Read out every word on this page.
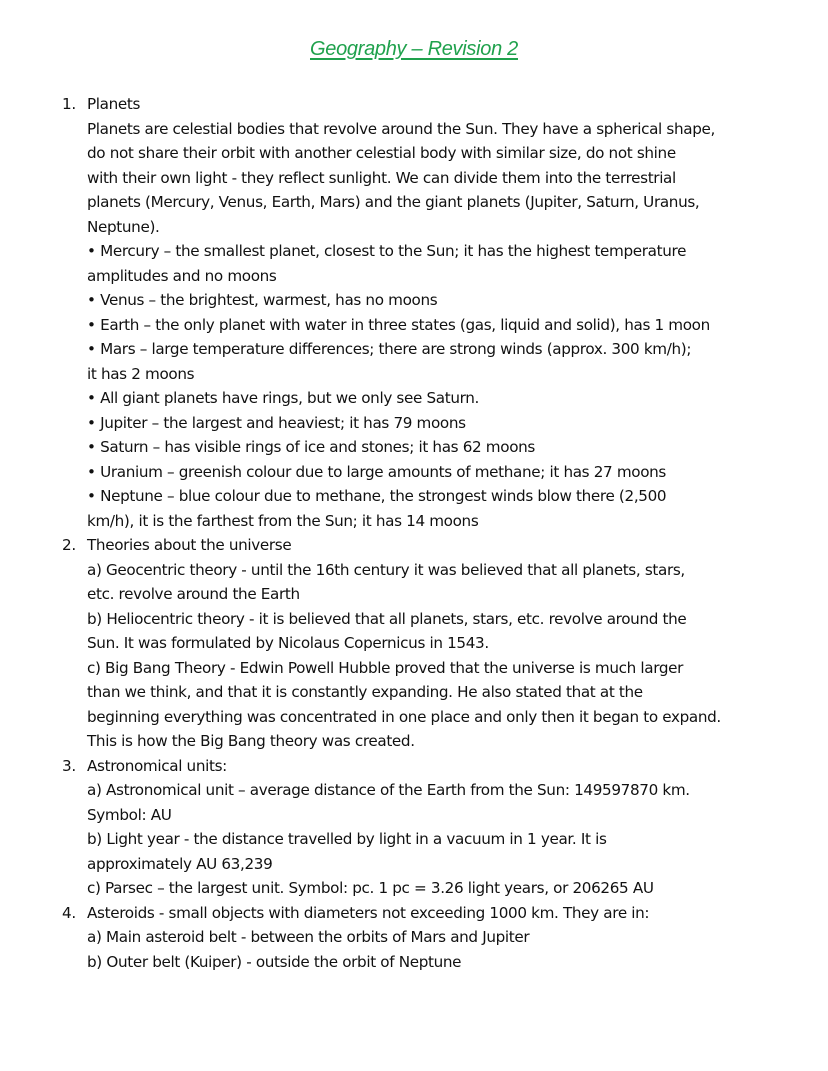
Geography – Revision 2
1. Planets
Planets are celestial bodies that revolve around the Sun. They have a spherical shape,
do not share their orbit with another celestial body with similar size, do not shine
with their own light - they reflect sunlight. We can divide them into the terrestrial
planets (Mercury, Venus, Earth, Mars) and the giant planets (Jupiter, Saturn, Uranus,
Neptune).
• Mercury – the smallest planet, closest to the Sun; it has the highest temperature
amplitudes and no moons
• Venus – the brightest, warmest, has no moons
• Earth – the only planet with water in three states (gas, liquid and solid), has 1 moon
• Mars – large temperature differences; there are strong winds (approx. 300 km/h);
it has 2 moons
• All giant planets have rings, but we only see Saturn.
• Jupiter – the largest and heaviest; it has 79 moons
• Saturn – has visible rings of ice and stones; it has 62 moons
• Uranium – greenish colour due to large amounts of methane; it has 27 moons
• Neptune – blue colour due to methane, the strongest winds blow there (2,500
km/h), it is the farthest from the Sun; it has 14 moons
2. Theories about the universe
a) Geocentric theory - until the 16th century it was believed that all planets, stars,
etc. revolve around the Earth
b) Heliocentric theory - it is believed that all planets, stars, etc. revolve around the
Sun. It was formulated by Nicolaus Copernicus in 1543.
c) Big Bang Theory - Edwin Powell Hubble proved that the universe is much larger
than we think, and that it is constantly expanding. He also stated that at the
beginning everything was concentrated in one place and only then it began to expand.
This is how the Big Bang theory was created.
3. Astronomical units:
a) Astronomical unit – average distance of the Earth from the Sun: 149597870 km.
Symbol: AU
b) Light year - the distance travelled by light in a vacuum in 1 year. It is
approximately AU 63,239
c) Parsec – the largest unit. Symbol: pc. 1 pc = 3.26 light years, or 206265 AU
4. Asteroids - small objects with diameters not exceeding 1000 km. They are in:
a) Main asteroid belt - between the orbits of Mars and Jupiter
b) Outer belt (Kuiper) - outside the orbit of Neptune
